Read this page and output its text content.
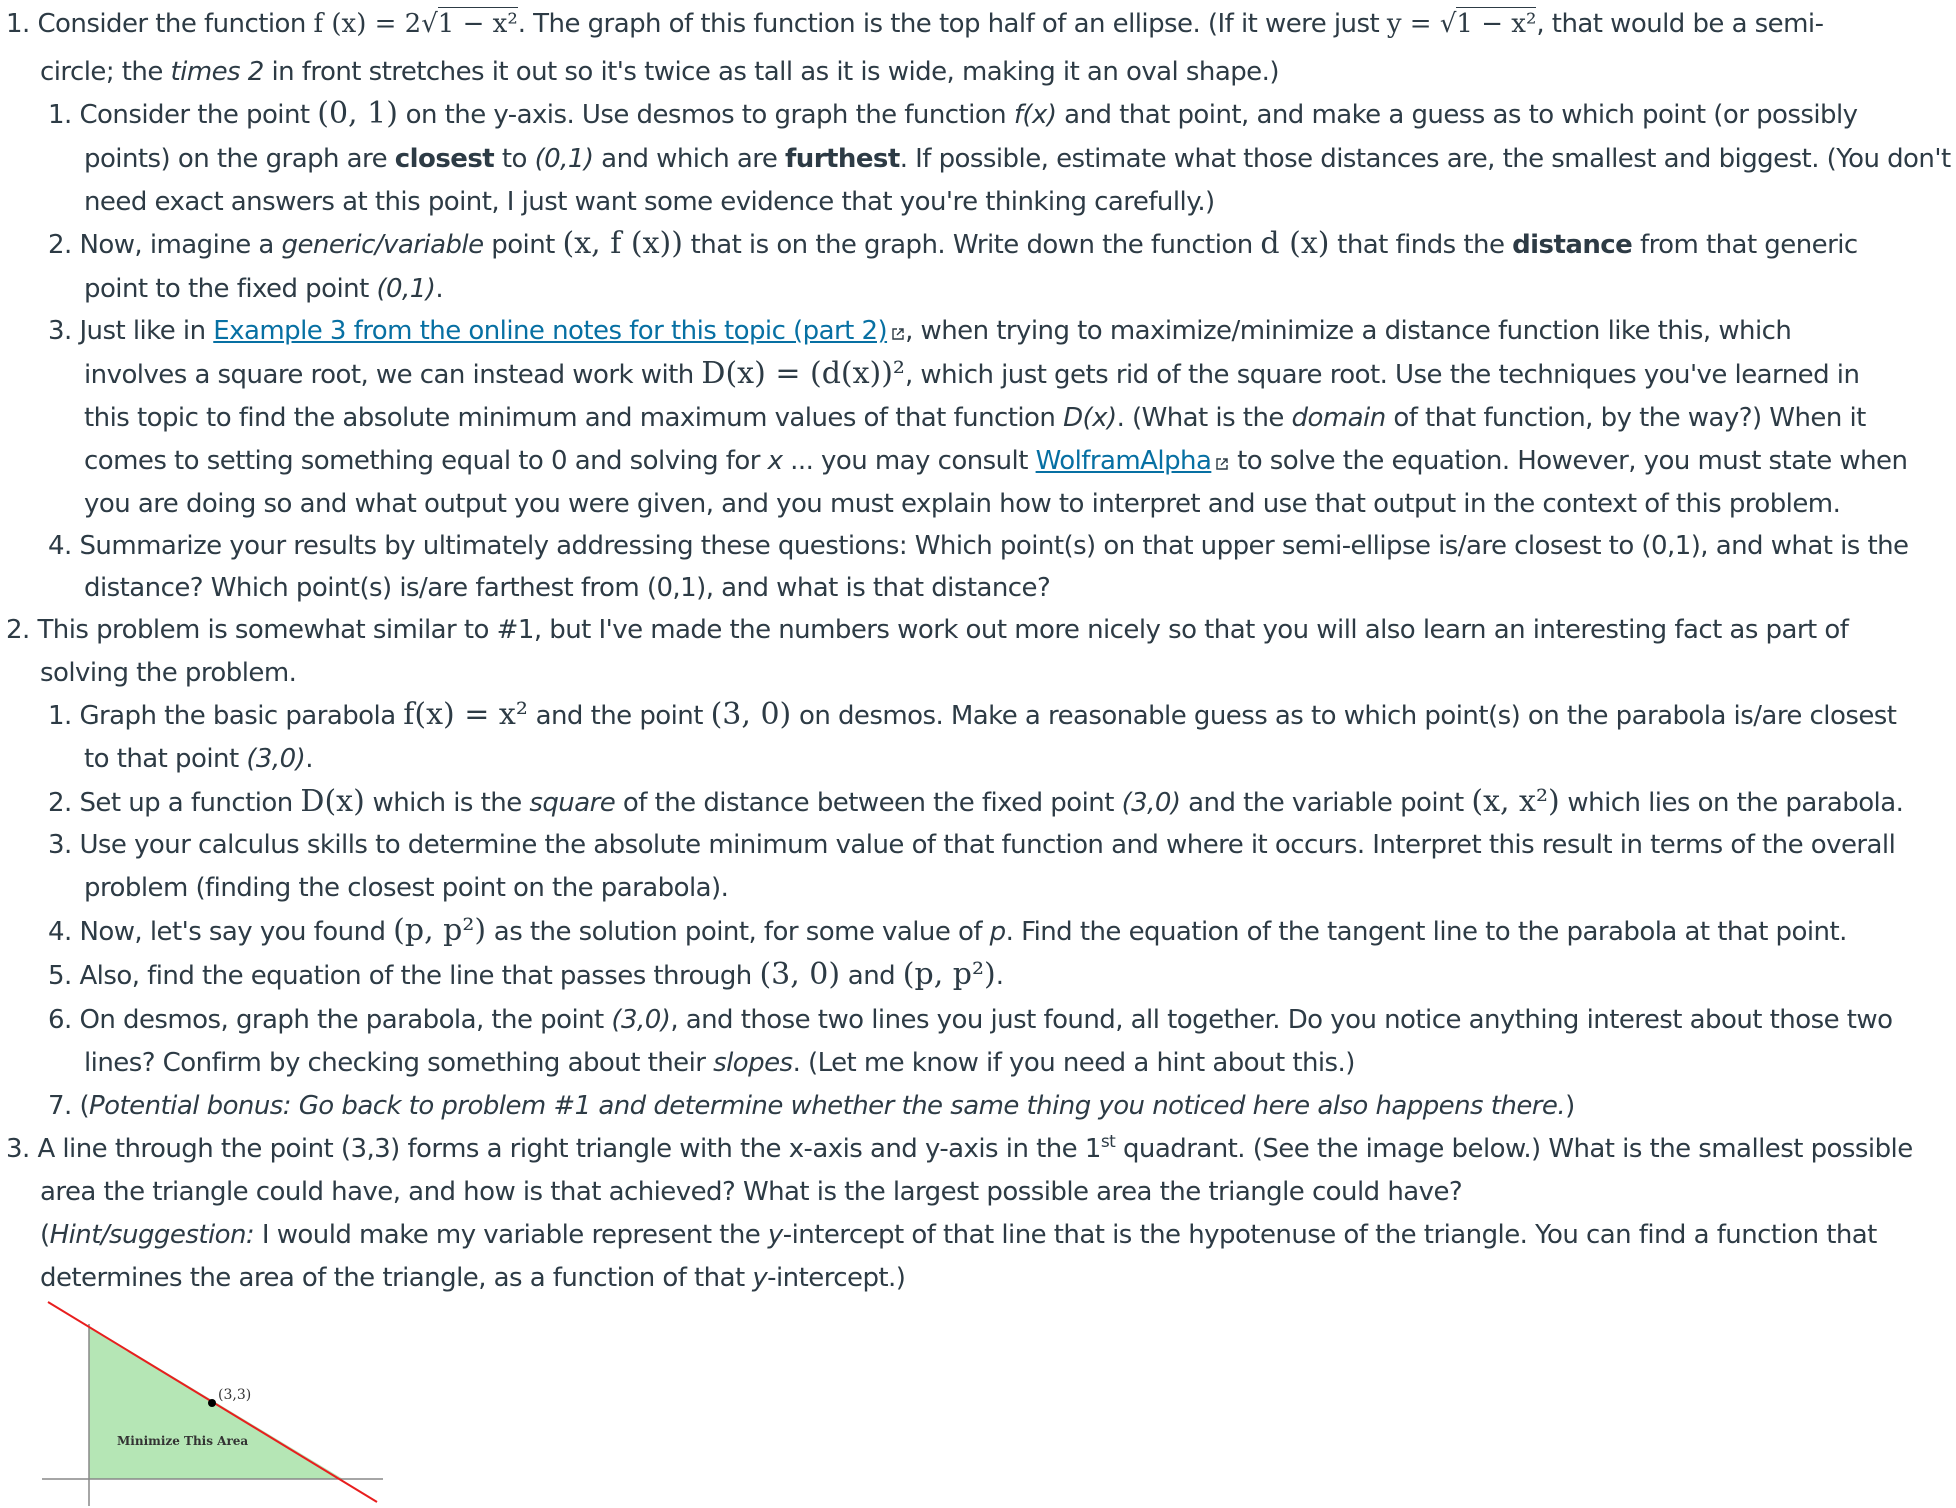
1. Consider the function f (x) = 2√1 − x². The graph of this function is the top half of an ellipse. (If it were just y = √1 − x², that would be a semi-
circle; the times 2 in front stretches it out so it's twice as tall as it is wide, making it an oval shape.)
1. Consider the point (0, 1) on the y-axis. Use desmos to graph the function f(x) and that point, and make a guess as to which point (or possibly
points) on the graph are closest to (0,1) and which are furthest. If possible, estimate what those distances are, the smallest and biggest. (You don't
need exact answers at this point, I just want some evidence that you're thinking carefully.)
2. Now, imagine a generic/variable point (x, f (x)) that is on the graph. Write down the function d (x) that finds the distance from that generic
point to the fixed point (0,1).
3. Just like in Example 3 from the online notes for this topic (part 2) , when trying to maximize/minimize a distance function like this, which
involves a square root, we can instead work with D(x) = (d(x))², which just gets rid of the square root. Use the techniques you've learned in
this topic to find the absolute minimum and maximum values of that function D(x). (What is the domain of that function, by the way?) When it
comes to setting something equal to 0 and solving for x ... you may consult WolframAlpha to solve the equation. However, you must state when
you are doing so and what output you were given, and you must explain how to interpret and use that output in the context of this problem.
4. Summarize your results by ultimately addressing these questions: Which point(s) on that upper semi-ellipse is/are closest to (0,1), and what is the
distance? Which point(s) is/are farthest from (0,1), and what is that distance?
2. This problem is somewhat similar to #1, but I've made the numbers work out more nicely so that you will also learn an interesting fact as part of
solving the problem.
1. Graph the basic parabola f(x) = x² and the point (3, 0) on desmos. Make a reasonable guess as to which point(s) on the parabola is/are closest
to that point (3,0).
2. Set up a function D(x) which is the square of the distance between the fixed point (3,0) and the variable point (x, x²) which lies on the parabola.
3. Use your calculus skills to determine the absolute minimum value of that function and where it occurs. Interpret this result in terms of the overall
problem (finding the closest point on the parabola).
4. Now, let's say you found (p, p²) as the solution point, for some value of p. Find the equation of the tangent line to the parabola at that point.
5. Also, find the equation of the line that passes through (3, 0) and (p, p²).
6. On desmos, graph the parabola, the point (3,0), and those two lines you just found, all together. Do you notice anything interest about those two
lines? Confirm by checking something about their slopes. (Let me know if you need a hint about this.)
7. (Potential bonus: Go back to problem #1 and determine whether the same thing you noticed here also happens there.)
3. A line through the point (3,3) forms a right triangle with the x-axis and y-axis in the 1st quadrant. (See the image below.) What is the smallest possible
area the triangle could have, and how is that achieved? What is the largest possible area the triangle could have?
(Hint/suggestion: I would make my variable represent the y-intercept of that line that is the hypotenuse of the triangle. You can find a function that
determines the area of the triangle, as a function of that y-intercept.)
(3,3)
Minimize This Area
